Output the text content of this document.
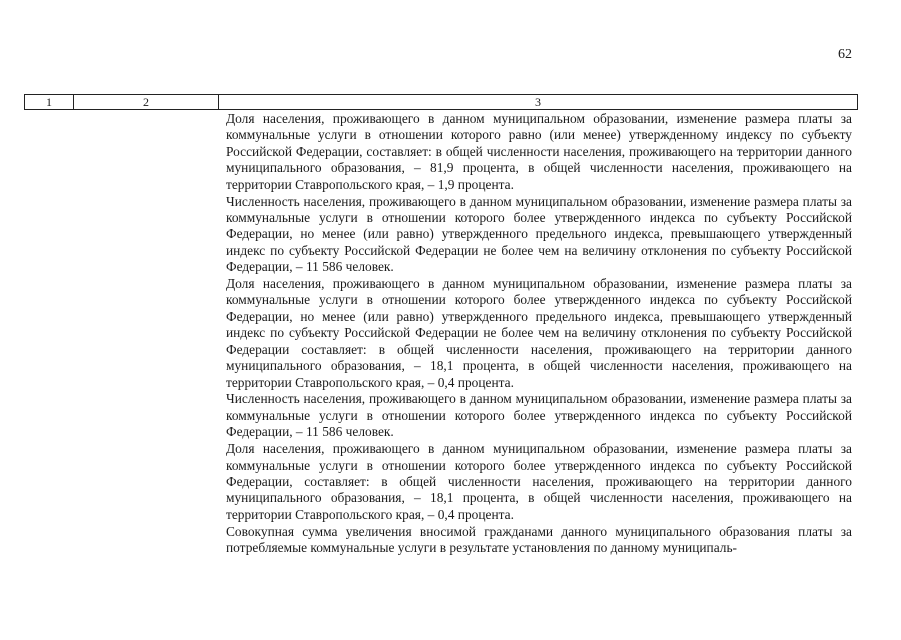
62
1	2	3

Доля населения, проживающего в данном муниципальном образовании, изменение размера платы за коммунальные услуги в отношении которого равно (или менее) утвержденному индексу по субъекту Российской Федерации, составляет: в общей численности населения, проживающего на территории данного муниципального образования, – 81,9 процента, в общей численности населения, проживающего на территории Ставропольского края, – 1,9 процента.

Численность населения, проживающего в данном муниципальном образовании, изменение размера платы за коммунальные услуги в отношении которого более утвержденного индекса по субъекту Российской Федерации, но менее (или равно) утвержденного предельного индекса, превышающего утвержденный индекс по субъекту Российской Федерации не более чем на величину отклонения по субъекту Российской Федерации, – 11 586 человек.

Доля населения, проживающего в данном муниципальном образовании, изменение размера платы за коммунальные услуги в отношении которого более утвержденного индекса по субъекту Российской Федерации, но менее (или равно) утвержденного предельного индекса, превышающего утвержденный индекс по субъекту Российской Федерации не более чем на величину отклонения по субъекту Российской Федерации составляет: в общей численности населения, проживающего на территории данного муниципального образования, – 18,1 процента, в общей численности населения, проживающего на территории Ставропольского края, – 0,4 процента.

Численность населения, проживающего в данном муниципальном образовании, изменение размера платы за коммунальные услуги в отношении которого более утвержденного индекса по субъекту Российской Федерации, – 11 586 человек.

Доля населения, проживающего в данном муниципальном образовании, изменение размера платы за коммунальные услуги в отношении которого более утвержденного индекса по субъекту Российской Федерации, составляет: в общей численности населения, проживающего на территории данного муниципального образования, – 18,1 процента, в общей численности населения, проживающего на территории Ставропольского края, – 0,4 процента.

Совокупная сумма увеличения вносимой гражданами данного муниципального образования платы за потребляемые коммунальные услуги в результате установления по данному муниципаль-
